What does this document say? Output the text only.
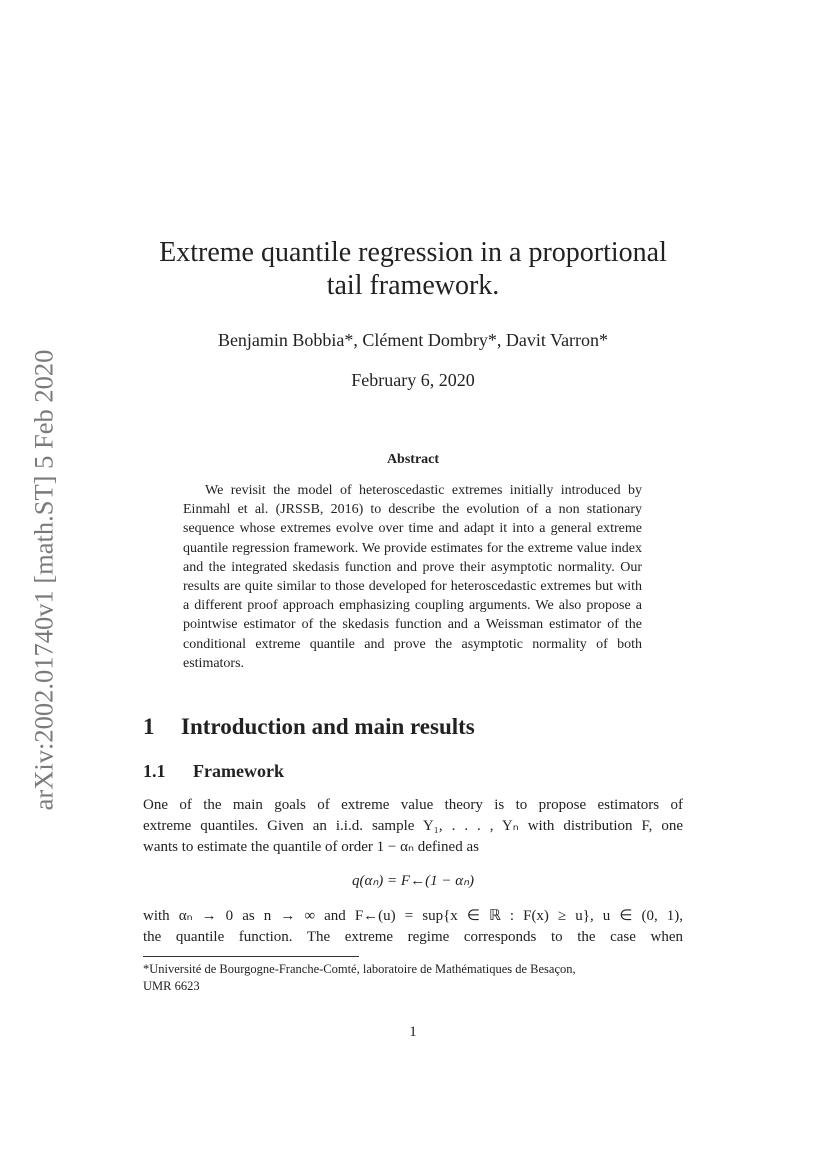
arXiv:2002.01740v1 [math.ST] 5 Feb 2020
Extreme quantile regression in a proportional
tail framework.
Benjamin Bobbia*, Clément Dombry*, Davit Varron*
February 6, 2020
Abstract
We revisit the model of heteroscedastic extremes initially introduced by Einmahl et al. (JRSSB, 2016) to describe the evolution of a non stationary sequence whose extremes evolve over time and adapt it into a general extreme quantile regression framework. We provide estimates for the extreme value index and the integrated skedasis function and prove their asymptotic normality. Our results are quite similar to those developed for heteroscedastic extremes but with a different proof approach emphasizing coupling arguments. We also propose a pointwise estimator of the skedasis function and a Weissman estimator of the conditional extreme quantile and prove the asymptotic normality of both estimators.
1 Introduction and main results
1.1 Framework
One of the main goals of extreme value theory is to propose estimators of
extreme quantiles. Given an i.i.d. sample Y₁, . . . , Yₙ with distribution F, one
wants to estimate the quantile of order 1 − αₙ defined as
q(αₙ) = F←(1 − αₙ)
with αₙ → 0 as n → ∞ and F←(u) = sup{x ∈ ℝ : F(x) ≥ u}, u ∈ (0, 1),
the quantile function. The extreme regime corresponds to the case when
*Université de Bourgogne-Franche-Comté, laboratoire de Mathématiques de Besaçon,
UMR 6623
1
